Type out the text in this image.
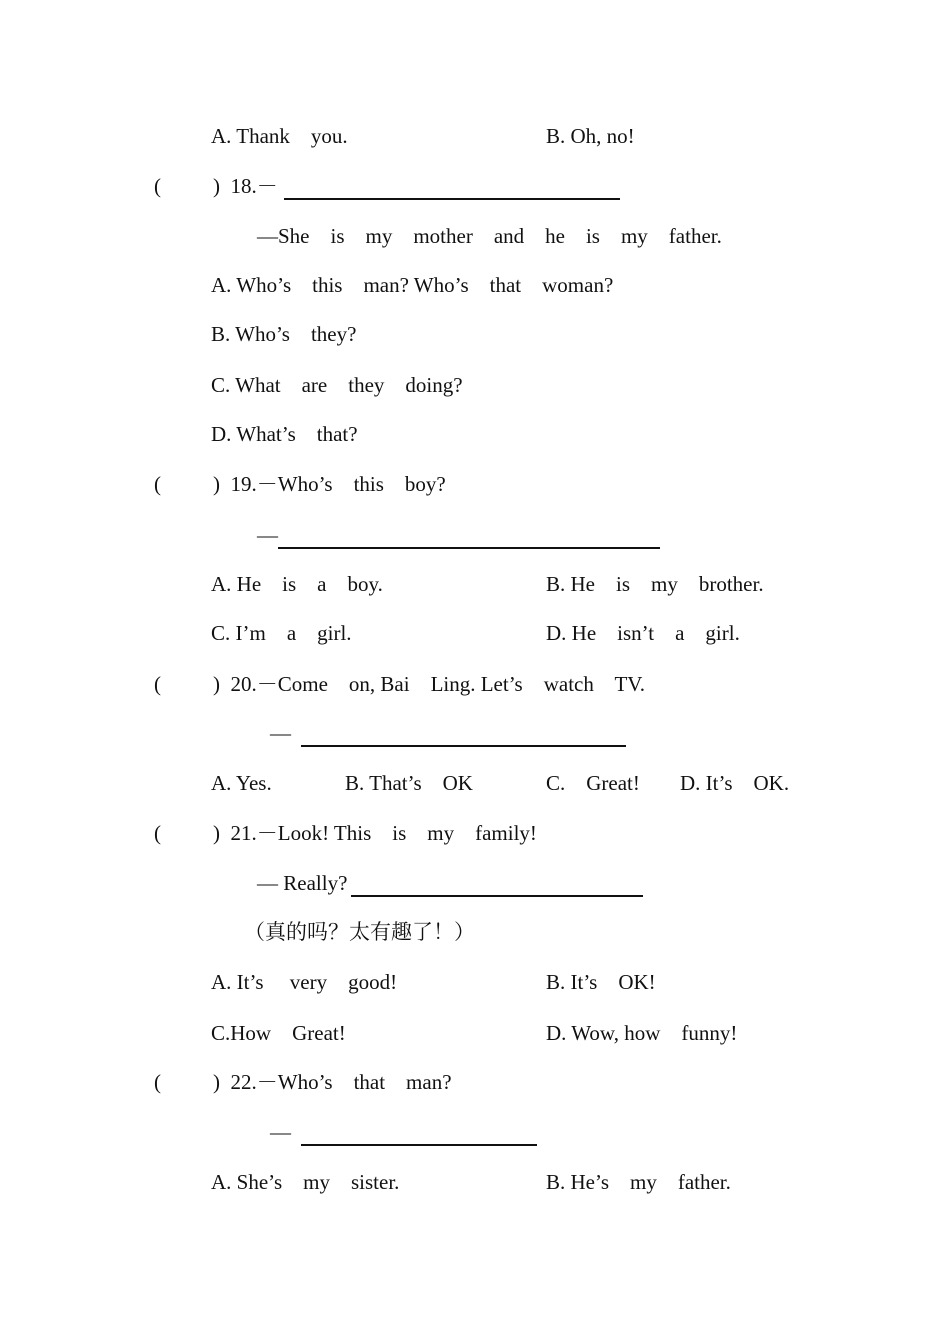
A. Thank    you.	B. Oh, no!
( )  18.－
—She    is    my    mother    and    he    is    my    father.
A. Who’s    this    man? Who’s    that    woman?
B. Who’s    they?
C. What    are    they    doing?
D. What’s    that?
( )  19.－Who’s    this    boy?
—
A. He    is    a    boy.	B. He    is    my    brother.
C. I’m    a    girl.	D. He    isn’t    a    girl.
( )  20.－Come    on, Bai    Ling. Let’s    watch    TV.
—
A. Yes.	B. That’s    OK	C.    Great! D. It’s    OK.
( )  21.－Look! This    is    my    family!
— Really?
（真的吗？太有趣了！）
A. It’s     very    good!	B. It’s    OK!
C.How    Great!	D. Wow, how    funny!
( )  22.－Who’s    that    man?
—
A. She’s    my    sister.	B. He’s    my    father.
